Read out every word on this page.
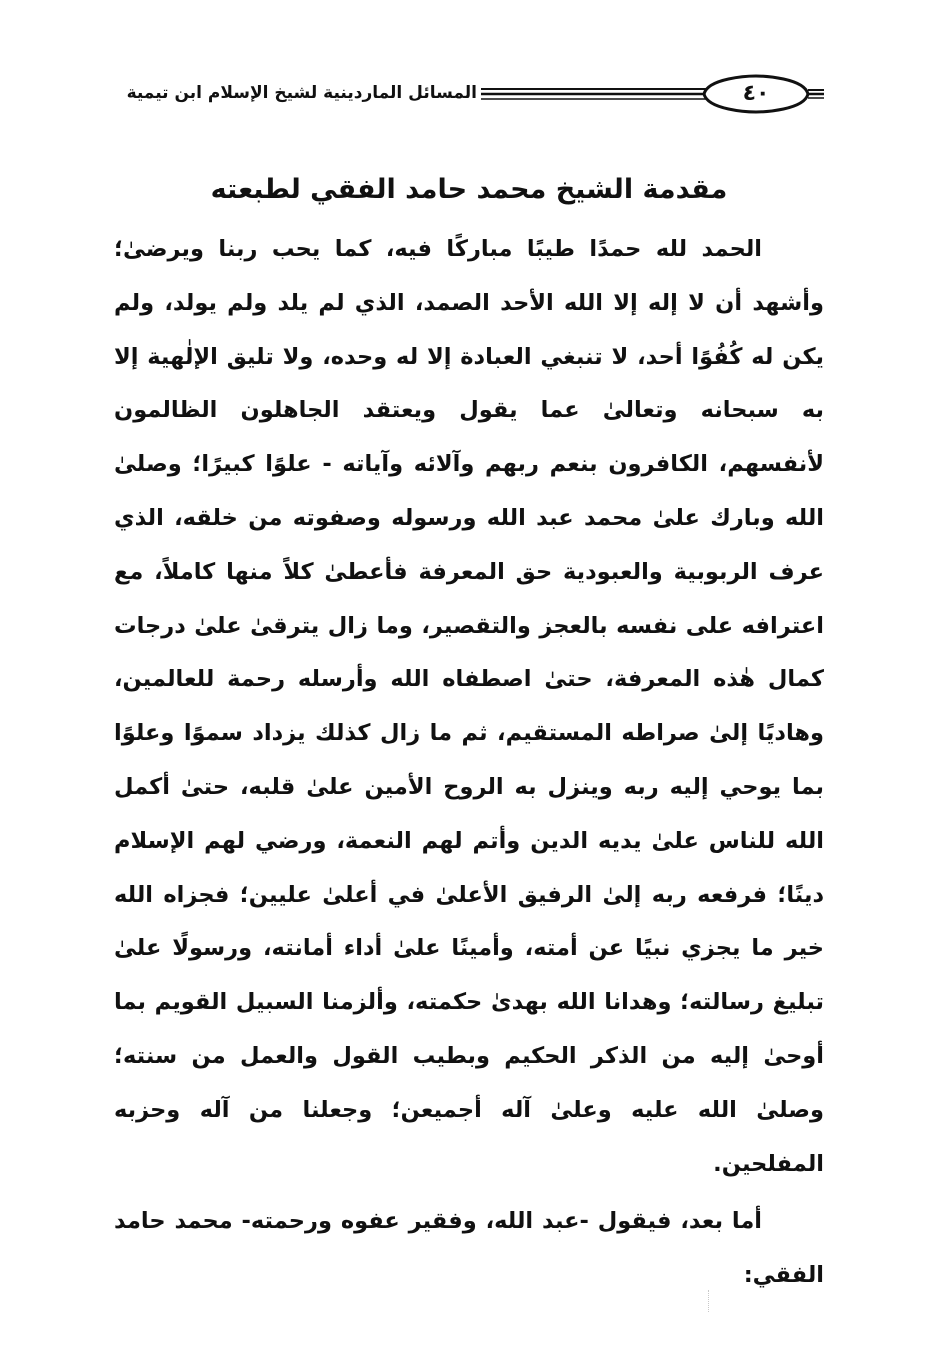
المسائل الماردينية لشيخ الإسلام ابن تيمية	٤٠
مقدمة الشيخ محمد حامد الفقي لطبعته

الحمد لله حمدًا طيبًا مباركًا فيه، كما يحب ربنا ويرضىٰ؛ وأشهد أن لا إله إلا الله الأحد الصمد، الذي لم يلد ولم يولد، ولم يكن له كُفُوًا أحد، لا تنبغي العبادة إلا له وحده، ولا تليق الإلٰهية إلا به سبحانه وتعالىٰ عما يقول ويعتقد الجاهلون الظالمون لأنفسهم، الكافرون بنعم ربهم وآلائه وآياته - علوًا كبيرًا؛ وصلىٰ الله وبارك علىٰ محمد عبد الله ورسوله وصفوته من خلقه، الذي عرف الربوبية والعبودية حق المعرفة فأعطىٰ كلاً منها كاملاً، مع اعترافه على نفسه بالعجز والتقصير، وما زال يترقىٰ علىٰ درجات كمال هٰذه المعرفة، حتىٰ اصطفاه الله وأرسله رحمة للعالمين، وهاديًا إلىٰ صراطه المستقيم، ثم ما زال كذلك يزداد سموًا وعلوًا بما يوحي إليه ربه وينزل به الروح الأمين علىٰ قلبه، حتىٰ أكمل الله للناس علىٰ يديه الدين وأتم لهم النعمة، ورضي لهم الإسلام دينًا؛ فرفعه ربه إلىٰ الرفيق الأعلىٰ في أعلىٰ عليين؛ فجزاه الله خير ما يجزي نبيًا عن أمته، وأمينًا علىٰ أداء أمانته، ورسولًا علىٰ تبليغ رسالته؛ وهدانا الله بهدىٰ حكمته، وألزمنا السبيل القويم بما أوحىٰ إليه من الذكر الحكيم وبطيب القول والعمل من سنته؛ وصلىٰ الله عليه وعلىٰ آله أجميعن؛ وجعلنا من آله وحزبه المفلحين.

أما بعد، فيقول -عبد الله، وفقير عفوه ورحمته- محمد حامد الفقي:
